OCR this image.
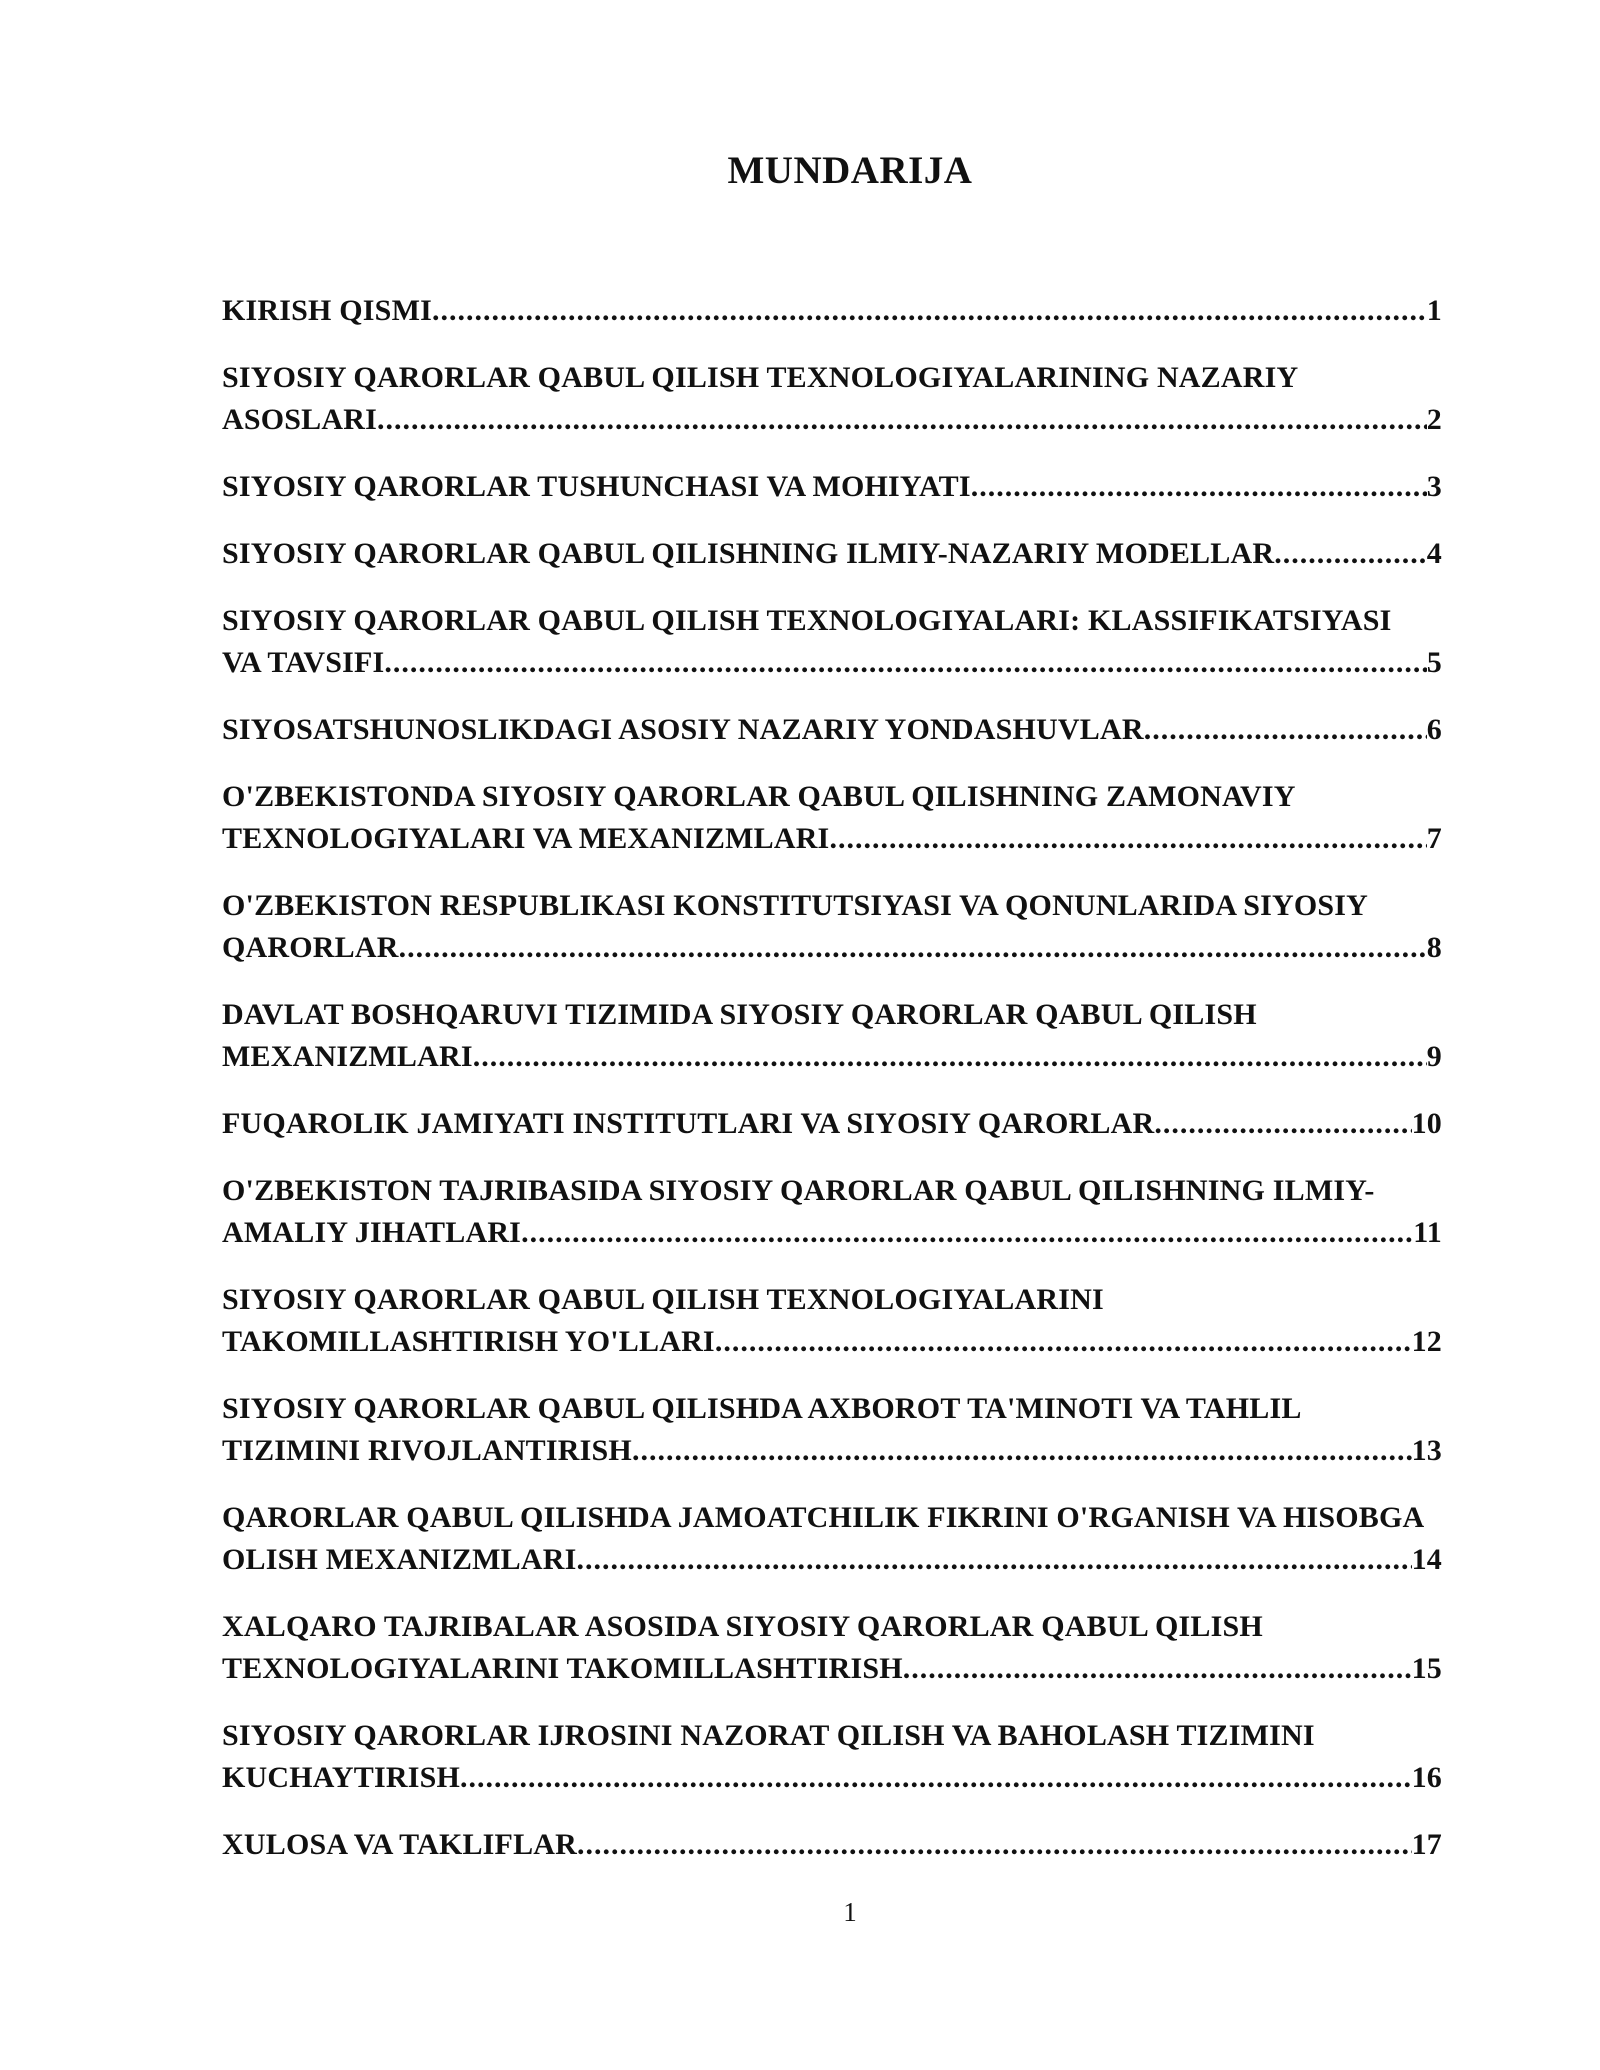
MUNDARIJA
KIRISH QISMI .....	1
SIYOSIY QARORLAR QABUL QILISH TEXNOLOGIYALARINING NAZARIY
ASOSLARI .....	2
SIYOSIY QARORLAR TUSHUNCHASI VA MOHIYATI .....	3
SIYOSIY QARORLAR QABUL QILISHNING ILMIY-NAZARIY MODELLAR .....	4
SIYOSIY QARORLAR QABUL QILISH TEXNOLOGIYALARI: KLASSIFIKATSIYASI
VA TAVSIFI .....	5
SIYOSATSHUNOSLIKDAGI ASOSIY NAZARIY YONDASHUVLAR .....	6
O'ZBEKISTONDA SIYOSIY QARORLAR QABUL QILISHNING ZAMONAVIY
TEXNOLOGIYALARI VA MEXANIZMLARI .....	7
O'ZBEKISTON RESPUBLIKASI KONSTITUTSIYASI VA QONUNLARIDA SIYOSIY
QARORLAR .....	8
DAVLAT BOSHQARUVI TIZIMIDA SIYOSIY QARORLAR QABUL QILISH
MEXANIZMLARI .....	9
FUQAROLIK JAMIYATI INSTITUTLARI VA SIYOSIY QARORLAR .....	10
O'ZBEKISTON TAJRIBASIDA SIYOSIY QARORLAR QABUL QILISHNING ILMIY-
AMALIY JIHATLARI .....	11
SIYOSIY QARORLAR QABUL QILISH TEXNOLOGIYALARINI
TAKOMILLASHTIRISH YO'LLARI .....	12
SIYOSIY QARORLAR QABUL QILISHDA AXBOROT TA'MINOTI VA TAHLIL
TIZIMINI RIVOJLANTIRISH .....	13
QARORLAR QABUL QILISHDA JAMOATCHILIK FIKRINI O'RGANISH VA HISOBGA
OLISH MEXANIZMLARI .....	14
XALQARO TAJRIBALAR ASOSIDA SIYOSIY QARORLAR QABUL QILISH
TEXNOLOGIYALARINI TAKOMILLASHTIRISH .....	15
SIYOSIY QARORLAR IJROSINI NAZORAT QILISH VA BAHOLASH TIZIMINI
KUCHAYTIRISH .....	16
XULOSA VA TAKLIFLAR .....	17
1
